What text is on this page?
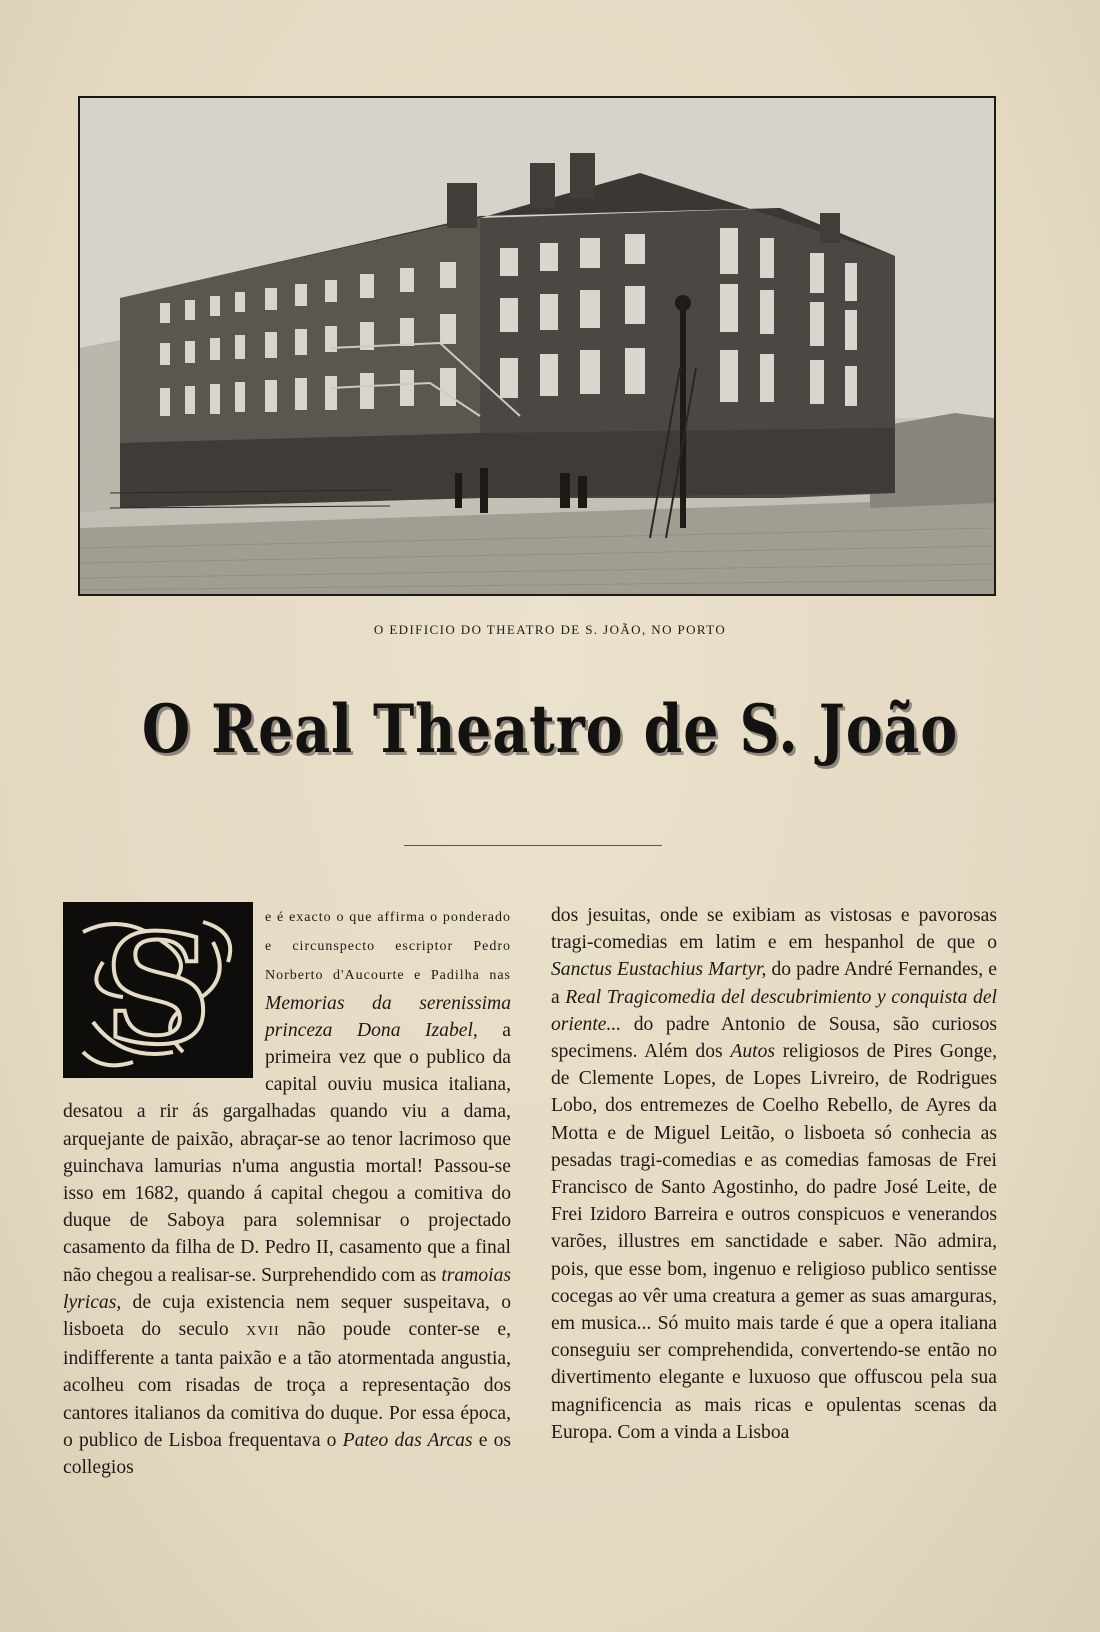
O EDIFICIO DO THEATRO DE S. JOÃO, NO PORTO
O Real Theatro de S. João
S	e é exacto o que affirma o ponderado e circunspecto escriptor Pedro Norberto d'Aucourte e Padilha nas Memorias da serenissima princeza Dona Izabel, a primeira vez que o publico da capital ouviu musica italiana, desatou a rir ás gargalhadas quando viu a dama, arquejante de paixão, abraçar-se ao tenor lacrimoso que guinchava lamurias n'uma angustia mortal! Passou-se isso em 1682, quando á capital chegou a comitiva do duque de Saboya para solemnisar o projectado casamento da filha de D. Pedro II, casamento que a final não chegou a realisar-se. Surprehendido com as tramoias lyricas, de cuja existencia nem sequer suspeitava, o lisboeta do seculo XVII não poude conter-se e, indifferente a tanta paixão e a tão atormentada angustia, acolheu com risadas de troça a representação dos cantores italianos da comitiva do duque. Por essa época, o publico de Lisboa frequentava o Pateo das Arcas e os collegios

dos jesuitas, onde se exibiam as vistosas e pavorosas tragi-comedias em latim e em hespanhol de que o Sanctus Eustachius Martyr, do padre André Fernandes, e a Real Tragicomedia del descubrimiento y conquista del oriente... do padre Antonio de Sousa, são curiosos specimens. Além dos Autos religiosos de Pires Gonge, de Clemente Lopes, de Lopes Livreiro, de Rodrigues Lobo, dos entremezes de Coelho Rebello, de Ayres da Motta e de Miguel Leitão, o lisboeta só conhecia as pesadas tragi-comedias e as comedias famosas de Frei Francisco de Santo Agostinho, do padre José Leite, de Frei Izidoro Barreira e outros conspicuos e venerandos varões, illustres em sanctidade e saber. Não admira, pois, que esse bom, ingenuo e religioso publico sentisse cocegas ao vêr uma creatura a gemer as suas amarguras, em musica... Só muito mais tarde é que a opera italiana conseguiu ser comprehendida, convertendo-se então no divertimento elegante e luxuoso que offuscou pela sua magnificencia as mais ricas e opulentas scenas da Europa. Com a vinda a Lisboa
